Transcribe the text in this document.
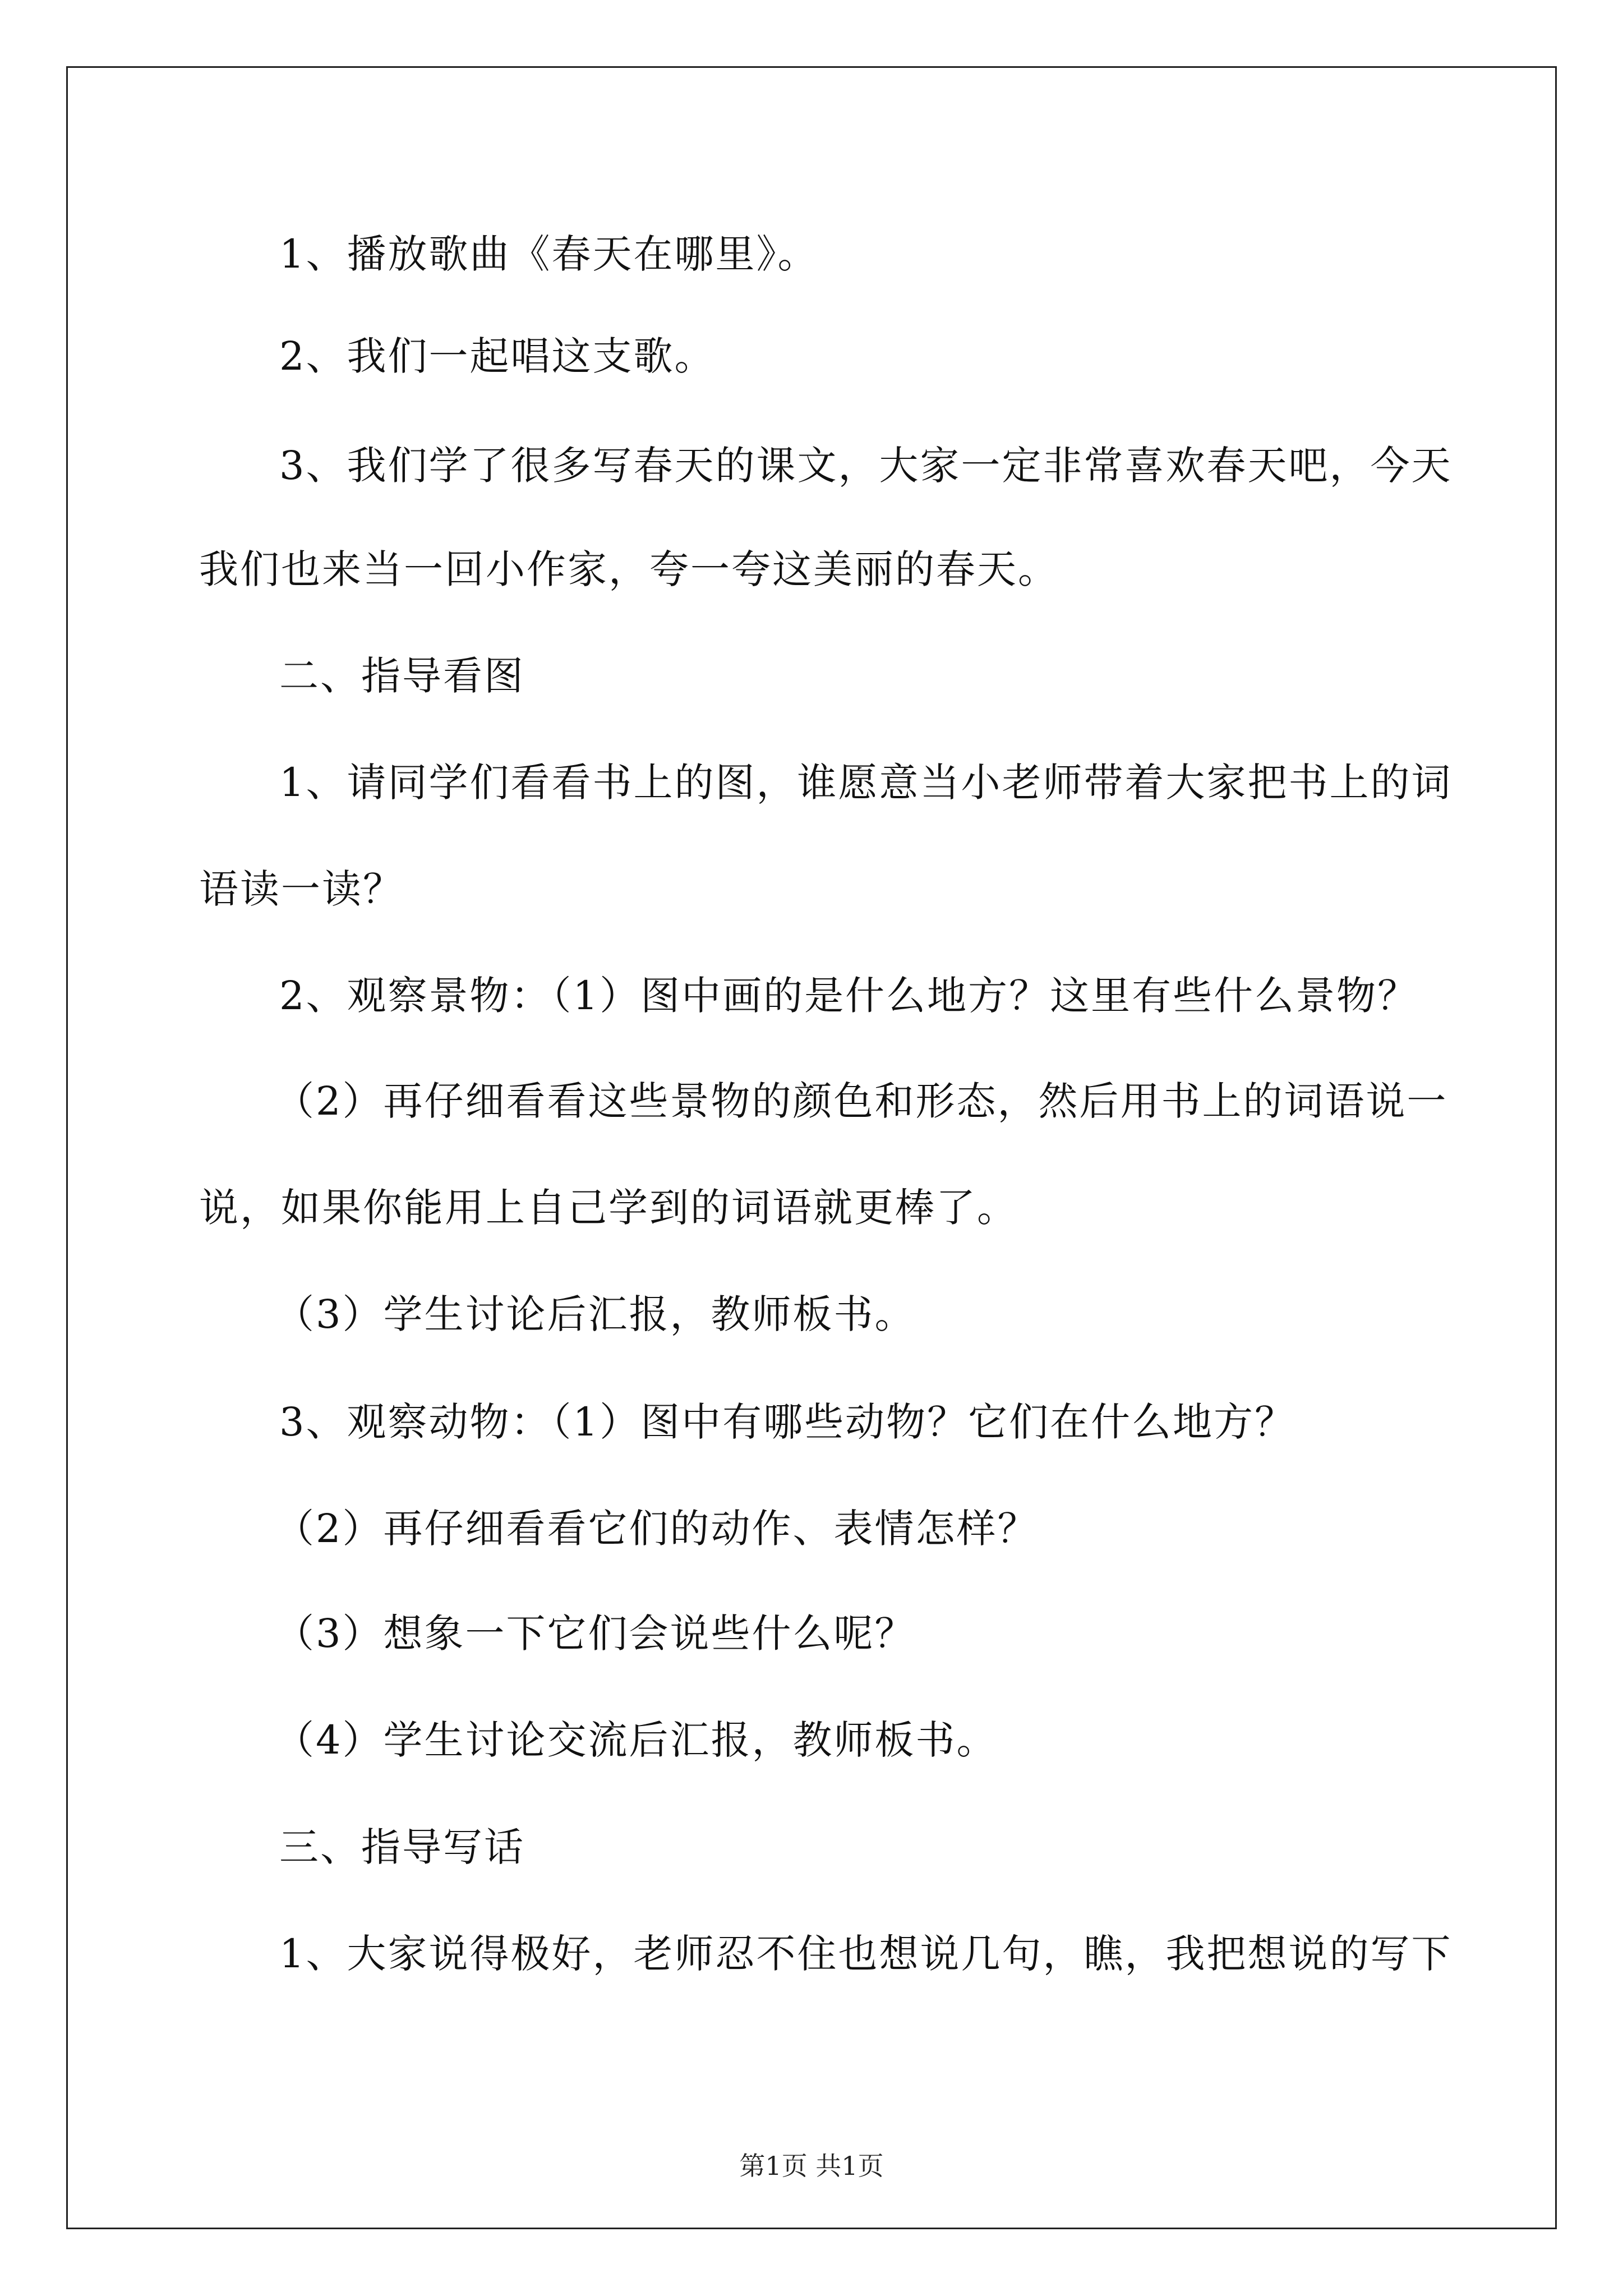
1、播放歌曲《春天在哪里》。
2、我们一起唱这支歌。
3、我们学了很多写春天的课文，大家一定非常喜欢春天吧，今天
我们也来当一回小作家，夸一夸这美丽的春天。
二、指导看图
1、请同学们看看书上的图，谁愿意当小老师带着大家把书上的词
语读一读？
2、观察景物：（1）图中画的是什么地方？这里有些什么景物？
（2）再仔细看看这些景物的颜色和形态，然后用书上的词语说一
说，如果你能用上自己学到的词语就更棒了。
（3）学生讨论后汇报，教师板书。
3、观察动物：（1）图中有哪些动物？它们在什么地方？
（2）再仔细看看它们的动作、表情怎样？
（3）想象一下它们会说些什么呢？
（4）学生讨论交流后汇报，教师板书。
三、指导写话
1、大家说得极好，老师忍不住也想说几句，瞧，我把想说的写下
第1页 共1页
